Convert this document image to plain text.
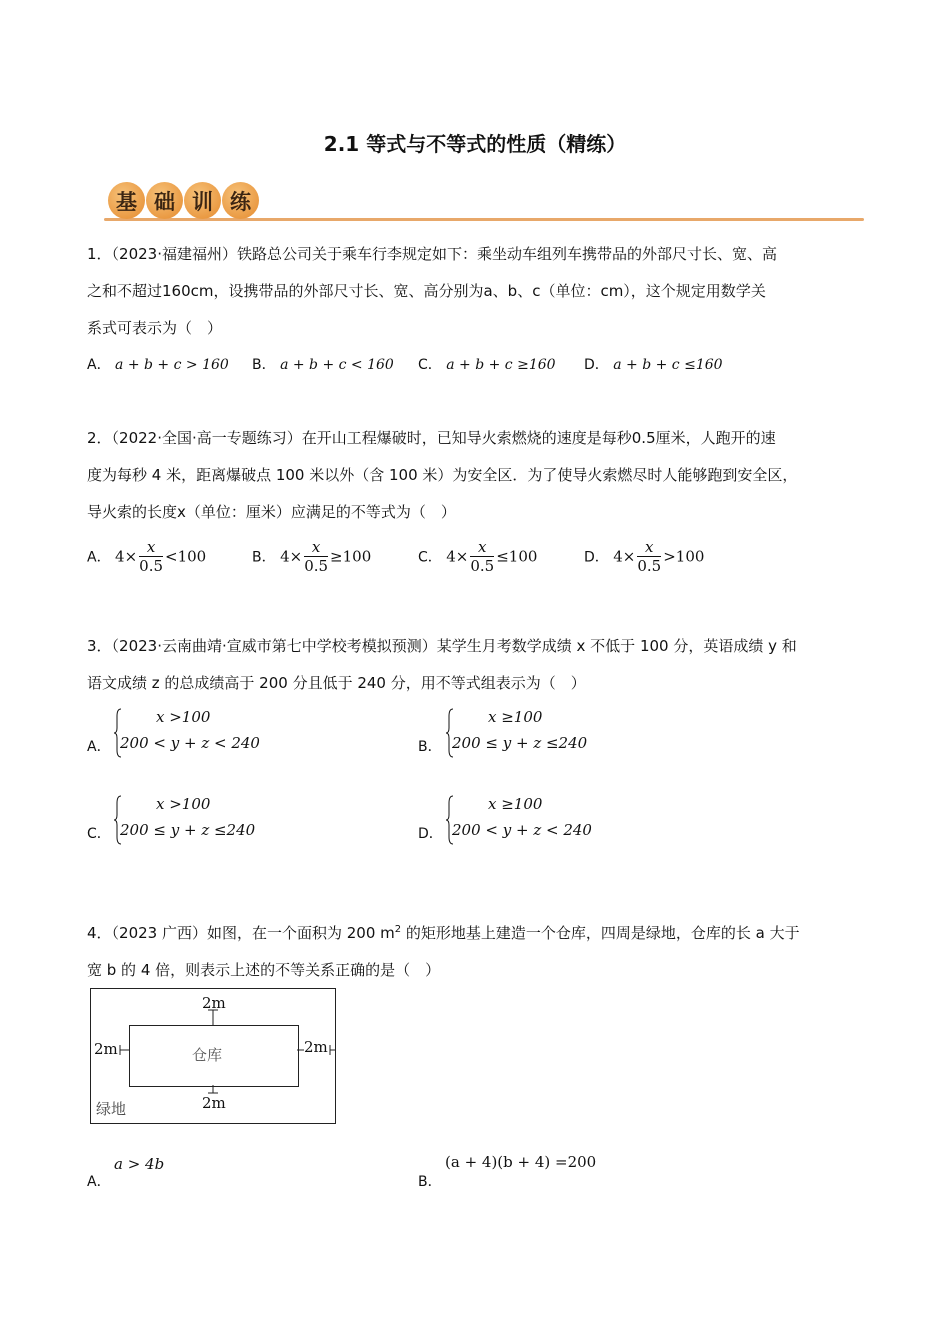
2.1 等式与不等式的性质（精练）
基 础 训 练

1．（2023·福建福州）铁路总公司关于乘车行李规定如下：乘坐动车组列车携带品的外部尺寸长、宽、高

之和不超过160cm，设携带品的外部尺寸长、宽、高分别为a、b、c（单位：cm），这个规定用数学关

系式可表示为（　）

A． a + b + c > 160 B． a + b + c < 160 C． a + b + c ≥160 D． a + b + c ≤160

2．（2022·全国·高一专题练习）在开山工程爆破时，已知导火索燃烧的速度是每秒0.5厘米，人跑开的速

度为每秒 4 米，距离爆破点 100 米以外（含 100 米）为安全区．为了使导火索燃尽时人能够跑到安全区，

导火索的长度x（单位：厘米）应满足的不等式为（　）

A． $4\times \frac{x}{0.5} <100$	B． $4\times \frac{x}{0.5} \ge 100$	C． $4\times \frac{x}{0.5} \le 100$	D． $4\times \frac{x}{0.5} >100$

3．（2023·云南曲靖·宣威市第七中学校考模拟预测）某学生月考数学成绩 x 不低于 100 分，英语成绩 y 和

语文成绩 z 的总成绩高于 200 分且低于 240 分，用不等式组表示为（　）

A．
x >100
200 < y + z < 240	B．
x ≥100
200 ≤ y + z ≤240
C．
x >100
200 ≤ y + z ≤240	D．
x ≥100
200 < y + z < 240

4．（2023 广西）如图，在一个面积为 200 $m^2$ 的矩形地基上建造一个仓库，四周是绿地，仓库的长 a 大于

宽 b 的 4 倍，则表示上述的不等关系正确的是（　）

2m
2m
2m	2m
仓库
绿地
A．
a > 4b
B．
(a + 4)(b + 4) =200
